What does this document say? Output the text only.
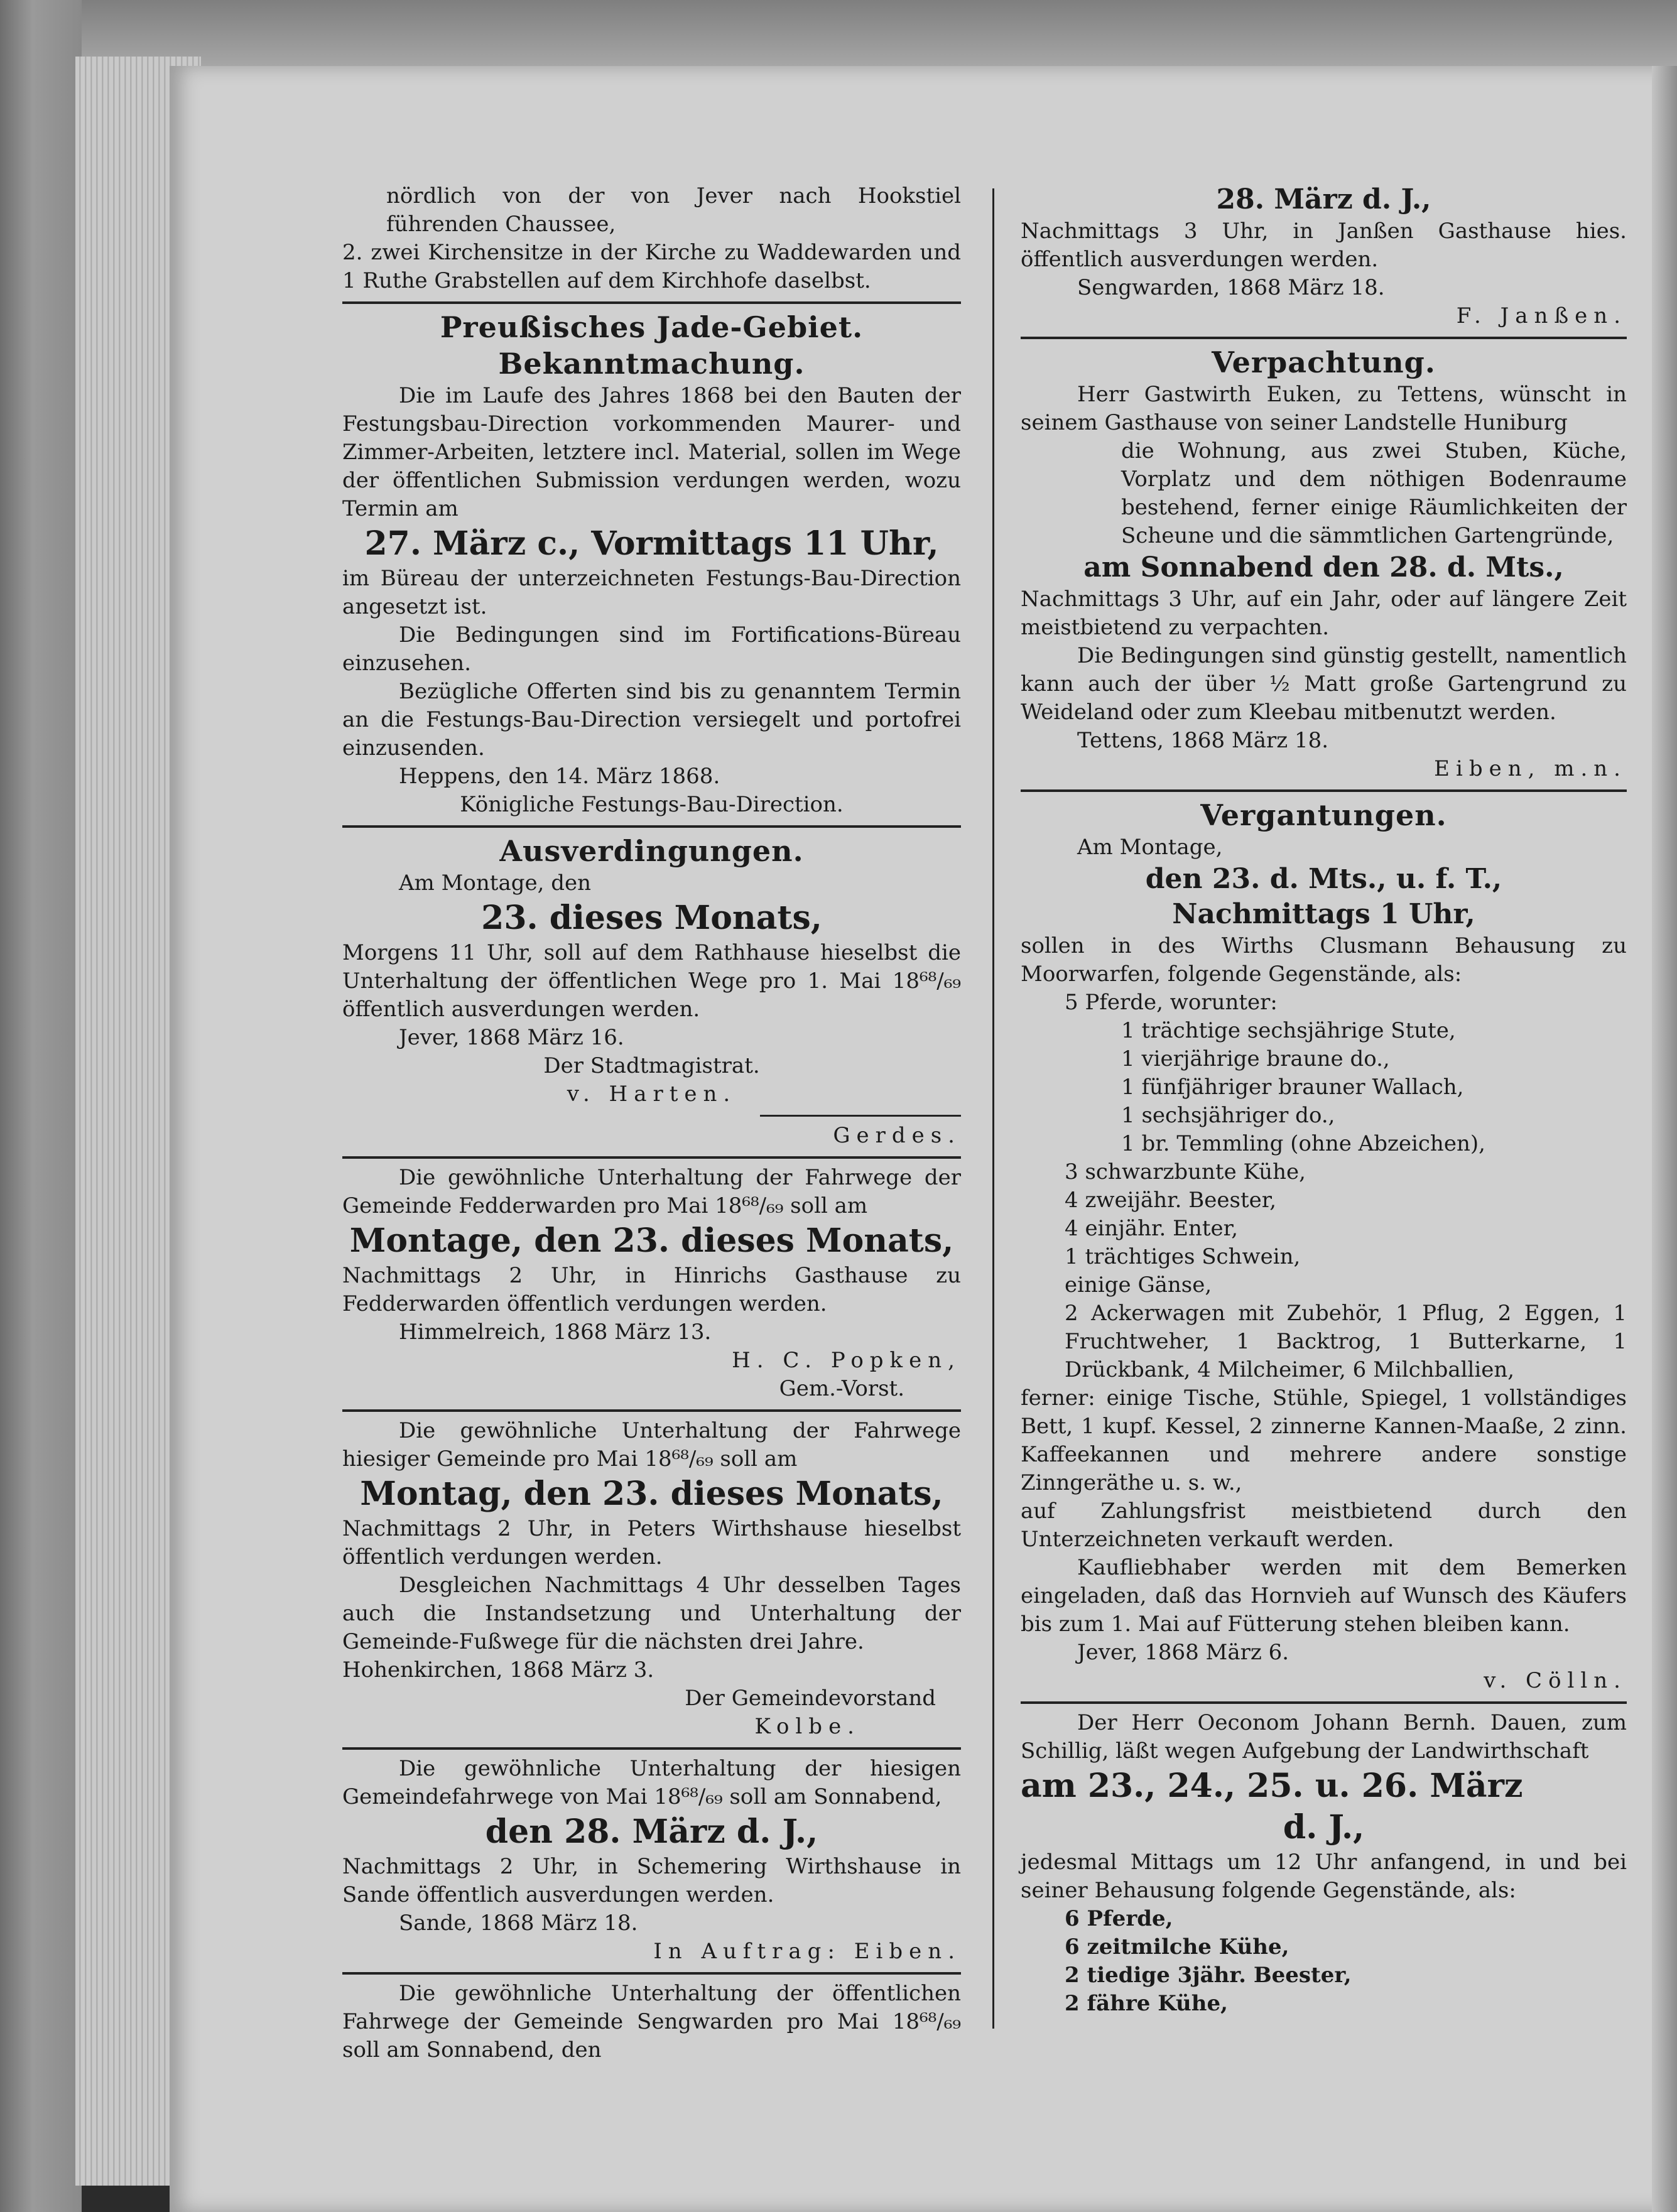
nördlich von der von Jever nach Hookstiel führenden Chaussee,

2. zwei Kirchensitze in der Kirche zu Waddewarden und 1 Ruthe Grabstellen auf dem Kirchhofe daselbst.

Preußisches Jade-Gebiet.

Bekanntmachung.

Die im Laufe des Jahres 1868 bei den Bauten der Festungsbau-Direction vorkommenden Maurer- und Zimmer-Arbeiten, letztere incl. Material, sollen im Wege der öffentlichen Submission verdungen werden, wozu Termin am

27. März c., Vormittags 11 Uhr,

im Büreau der unterzeichneten Festungs-Bau-Direction angesetzt ist.

Die Bedingungen sind im Fortifications-Büreau einzusehen.

Bezügliche Offerten sind bis zu genanntem Termin an die Festungs-Bau-Direction versiegelt und portofrei einzusenden.

Heppens, den 14. März 1868.

Königliche Festungs-Bau-Direction.

Ausverdingungen.

Am Montage, den

23. dieses Monats,

Morgens 11 Uhr, soll auf dem Rathhause hieselbst die Unterhaltung der öffentlichen Wege pro 1. Mai 18⁶⁸/₆₉ öffentlich ausverdungen werden.

Jever, 1868 März 16.

Der Stadtmagistrat.

v. Harten.

Gerdes.

Die gewöhnliche Unterhaltung der Fahrwege der Gemeinde Fedderwarden pro Mai 18⁶⁸/₆₉ soll am

Montage, den 23. dieses Monats,

Nachmittags 2 Uhr, in Hinrichs Gasthause zu Fedderwarden öffentlich verdungen werden.

Himmelreich, 1868 März 13.

H. C. Popken,

Gem.-Vorst.

Die gewöhnliche Unterhaltung der Fahrwege hiesiger Gemeinde pro Mai 18⁶⁸/₆₉ soll am

Montag, den 23. dieses Monats,

Nachmittags 2 Uhr, in Peters Wirthshause hieselbst öffentlich verdungen werden.

Desgleichen Nachmittags 4 Uhr desselben Tages auch die Instandsetzung und Unterhaltung der Gemeinde-Fußwege für die nächsten drei Jahre.

Hohenkirchen, 1868 März 3.

Der Gemeindevorstand

Kolbe.

Die gewöhnliche Unterhaltung der hiesigen Gemeindefahrwege von Mai 18⁶⁸/₆₉ soll am Sonnabend,

den 28. März d. J.,

Nachmittags 2 Uhr, in Schemering Wirthshause in Sande öffentlich ausverdungen werden.

Sande, 1868 März 18.

In Auftrag: Eiben.

Die gewöhnliche Unterhaltung der öffentlichen Fahrwege der Gemeinde Sengwarden pro Mai 18⁶⁸/₆₉ soll am Sonnabend, den

28. März d. J.,

Nachmittags 3 Uhr, in Janßen Gasthause hies. öffentlich ausverdungen werden.

Sengwarden, 1868 März 18.

F. Janßen.

Verpachtung.

Herr Gastwirth Euken, zu Tettens, wünscht in seinem Gasthause von seiner Landstelle Huniburg

die Wohnung, aus zwei Stuben, Küche, Vorplatz und dem nöthigen Bodenraume bestehend, ferner einige Räumlichkeiten der Scheune und die sämmtlichen Gartengründe,

am Sonnabend den 28. d. Mts.,

Nachmittags 3 Uhr, auf ein Jahr, oder auf längere Zeit meistbietend zu verpachten.

Die Bedingungen sind günstig gestellt, namentlich kann auch der über ½ Matt große Gartengrund zu Weideland oder zum Kleebau mitbenutzt werden.

Tettens, 1868 März 18.

Eiben, m.n.

Vergantungen.

Am Montage,

den 23. d. Mts., u. f. T.,

Nachmittags 1 Uhr,

sollen in des Wirths Clusmann Behausung zu Moorwarfen, folgende Gegenstände, als:

5 Pferde, worunter:

1 trächtige sechsjährige Stute,

1 vierjährige braune do.,

1 fünfjähriger brauner Wallach,

1 sechsjähriger do.,

1 br. Temmling (ohne Abzeichen),

3 schwarzbunte Kühe,

4 zweijähr. Beester,

4 einjähr. Enter,

1 trächtiges Schwein,

einige Gänse,

2 Ackerwagen mit Zubehör, 1 Pflug, 2 Eggen, 1 Fruchtweher, 1 Backtrog, 1 Butterkarne, 1 Drückbank, 4 Milcheimer, 6 Milchballien,

ferner: einige Tische, Stühle, Spiegel, 1 vollständiges Bett, 1 kupf. Kessel, 2 zinnerne Kannen-Maaße, 2 zinn. Kaffeekannen und mehrere andere sonstige Zinngeräthe u. s. w.,

auf Zahlungsfrist meistbietend durch den Unterzeichneten verkauft werden.

Kaufliebhaber werden mit dem Bemerken eingeladen, daß das Hornvieh auf Wunsch des Käufers bis zum 1. Mai auf Fütterung stehen bleiben kann.

Jever, 1868 März 6.

v. Cölln.

Der Herr Oeconom Johann Bernh. Dauen, zum Schillig, läßt wegen Aufgebung der Landwirthschaft

am 23., 24., 25. u. 26. März

d. J.,

jedesmal Mittags um 12 Uhr anfangend, in und bei seiner Behausung folgende Gegenstände, als:

6 Pferde,

6 zeitmilche Kühe,

2 tiedige 3jähr. Beester,

2 fähre Kühe,
